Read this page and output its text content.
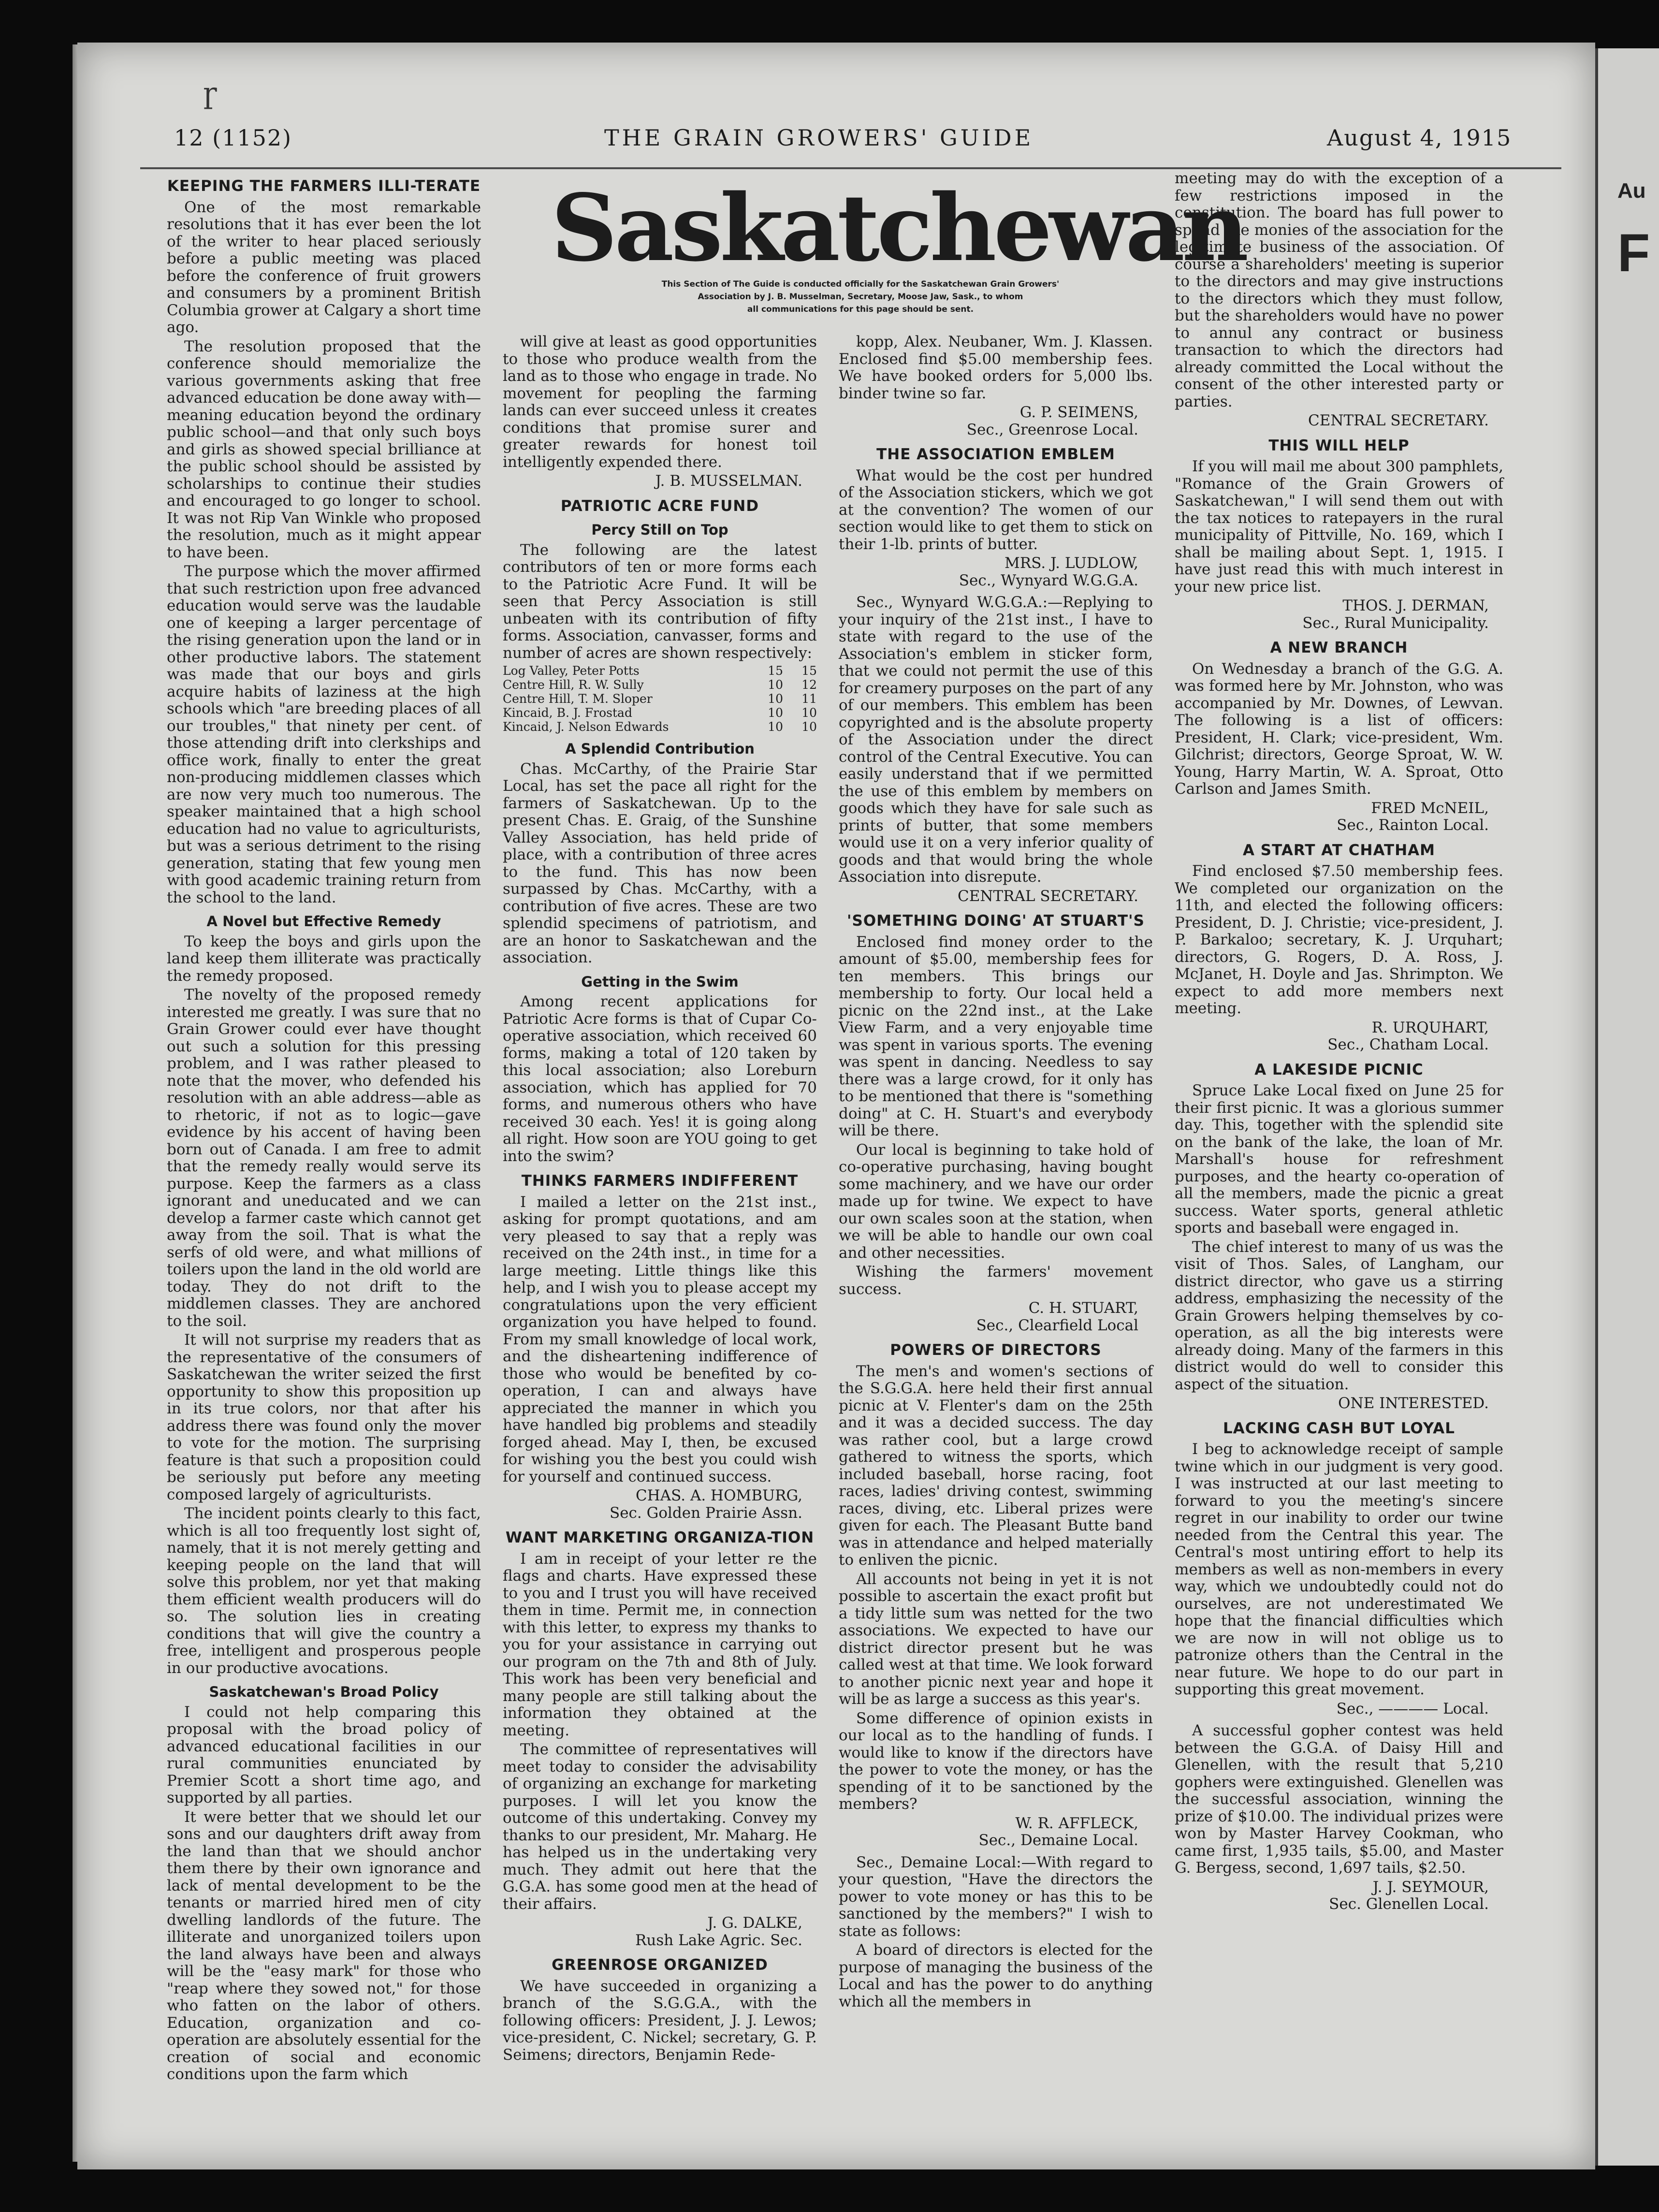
Au
F
ɼ
12 (1152)	THE GRAIN GROWERS' GUIDE	August 4, 1915
Saskatchewan
This Section of The Guide is conducted officially for the Saskatchewan Grain Growers'
Association by J. B. Musselman, Secretary, Moose Jaw, Sask., to whom
all communications for this page should be sent.
KEEPING THE FARMERS ILLI-TERATE

One of the most remarkable resolutions that it has ever been the lot of the writer to hear placed seriously before a public meeting was placed before the conference of fruit growers and consumers by a prominent British Columbia grower at Calgary a short time ago.

The resolution proposed that the conference should memorialize the various governments asking that free advanced education be done away with—meaning education beyond the ordinary public school—and that only such boys and girls as showed special brilliance at the public school should be assisted by scholarships to continue their studies and encouraged to go longer to school. It was not Rip Van Winkle who proposed the resolution, much as it might appear to have been.

The purpose which the mover affirmed that such restriction upon free advanced education would serve was the laudable one of keeping a larger percentage of the rising generation upon the land or in other productive labors. The statement was made that our boys and girls acquire habits of laziness at the high schools which "are breeding places of all our troubles," that ninety per cent. of those attending drift into clerkships and office work, finally to enter the great non-producing middlemen classes which are now very much too numerous. The speaker maintained that a high school education had no value to agriculturists, but was a serious detriment to the rising generation, stating that few young men with good academic training return from the school to the land.

A Novel but Effective Remedy

To keep the boys and girls upon the land keep them illiterate was practically the remedy proposed.

The novelty of the proposed remedy interested me greatly. I was sure that no Grain Grower could ever have thought out such a solution for this pressing problem, and I was rather pleased to note that the mover, who defended his resolution with an able address—able as to rhetoric, if not as to logic—gave evidence by his accent of having been born out of Canada. I am free to admit that the remedy really would serve its purpose. Keep the farmers as a class ignorant and uneducated and we can develop a farmer caste which cannot get away from the soil. That is what the serfs of old were, and what millions of toilers upon the land in the old world are today. They do not drift to the middlemen classes. They are anchored to the soil.

It will not surprise my readers that as the representative of the consumers of Saskatchewan the writer seized the first opportunity to show this proposition up in its true colors, nor that after his address there was found only the mover to vote for the motion. The surprising feature is that such a proposition could be seriously put before any meeting composed largely of agriculturists.

The incident points clearly to this fact, which is all too frequently lost sight of, namely, that it is not merely getting and keeping people on the land that will solve this problem, nor yet that making them efficient wealth producers will do so. The solution lies in creating conditions that will give the country a free, intelligent and prosperous people in our productive avocations.

Saskatchewan's Broad Policy

I could not help comparing this proposal with the broad policy of advanced educational facilities in our rural communities enunciated by Premier Scott a short time ago, and supported by all parties.

It were better that we should let our sons and our daughters drift away from the land than that we should anchor them there by their own ignorance and lack of mental development to be the tenants or married hired men of city dwelling landlords of the future. The illiterate and unorganized toilers upon the land always have been and always will be the "easy mark" for those who "reap where they sowed not," for those who fatten on the labor of others. Education, organization and co-operation are absolutely essential for the creation of social and economic conditions upon the farm which

will give at least as good opportunities to those who produce wealth from the land as to those who engage in trade. No movement for peopling the farming lands can ever succeed unless it creates conditions that promise surer and greater rewards for honest toil intelligently expended there.

J. B. MUSSELMAN.

PATRIOTIC ACRE FUND
Percy Still on Top

The following are the latest contributors of ten or more forms each to the Patriotic Acre Fund. It will be seen that Percy Association is still unbeaten with its contribution of fifty forms. Association, canvasser, forms and number of acres are shown respectively:

Log Valley, Peter Potts	15	15
Centre Hill, R. W. Sully	10	12
Centre Hill, T. M. Sloper	10	11
Kincaid, B. J. Frostad	10	10
Kincaid, J. Nelson Edwards	10	10
A Splendid Contribution

Chas. McCarthy, of the Prairie Star Local, has set the pace all right for the farmers of Saskatchewan. Up to the present Chas. E. Graig, of the Sunshine Valley Association, has held pride of place, with a contribution of three acres to the fund. This has now been surpassed by Chas. McCarthy, with a contribution of five acres. These are two splendid specimens of patriotism, and are an honor to Saskatchewan and the association.

Getting in the Swim

Among recent applications for Patriotic Acre forms is that of Cupar Co-operative association, which received 60 forms, making a total of 120 taken by this local association; also Loreburn association, which has applied for 70 forms, and numerous others who have received 30 each. Yes! it is going along all right. How soon are YOU going to get into the swim?

THINKS FARMERS INDIFFERENT

I mailed a letter on the 21st inst., asking for prompt quotations, and am very pleased to say that a reply was received on the 24th inst., in time for a large meeting. Little things like this help, and I wish you to please accept my congratulations upon the very efficient organization you have helped to found. From my small knowledge of local work, and the disheartening indifference of those who would be benefited by co-operation, I can and always have appreciated the manner in which you have handled big problems and steadily forged ahead. May I, then, be excused for wishing you the best you could wish for yourself and continued success.

CHAS. A. HOMBURG,

Sec. Golden Prairie Assn.

WANT MARKETING ORGANIZA-TION

I am in receipt of your letter re the flags and charts. Have expressed these to you and I trust you will have received them in time. Permit me, in connection with this letter, to express my thanks to you for your assistance in carrying out our program on the 7th and 8th of July. This work has been very beneficial and many people are still talking about the information they obtained at the meeting.

The committee of representatives will meet today to consider the advisability of organizing an exchange for marketing purposes. I will let you know the outcome of this undertaking. Convey my thanks to our president, Mr. Maharg. He has helped us in the undertaking very much. They admit out here that the G.G.A. has some good men at the head of their affairs.

J. G. DALKE,

Rush Lake Agric. Sec.

GREENROSE ORGANIZED

We have succeeded in organizing a branch of the S.G.G.A., with the following officers: President, J. J. Lewos; vice-president, C. Nickel; secretary, G. P. Seimens; directors, Benjamin Rede-

kopp, Alex. Neubaner, Wm. J. Klassen. Enclosed find $5.00 membership fees. We have booked orders for 5,000 lbs. binder twine so far.

G. P. SEIMENS,

Sec., Greenrose Local.

THE ASSOCIATION EMBLEM

What would be the cost per hundred of the Association stickers, which we got at the convention? The women of our section would like to get them to stick on their 1-lb. prints of butter.

MRS. J. LUDLOW,

Sec., Wynyard W.G.G.A.

Sec., Wynyard W.G.G.A.:—Replying to your inquiry of the 21st inst., I have to state with regard to the use of the Association's emblem in sticker form, that we could not permit the use of this for creamery purposes on the part of any of our members. This emblem has been copyrighted and is the absolute property of the Association under the direct control of the Central Executive. You can easily understand that if we permitted the use of this emblem by members on goods which they have for sale such as prints of butter, that some members would use it on a very inferior quality of goods and that would bring the whole Association into disrepute.

CENTRAL SECRETARY.

'SOMETHING DOING' AT STUART'S

Enclosed find money order to the amount of $5.00, membership fees for ten members. This brings our membership to forty. Our local held a picnic on the 22nd inst., at the Lake View Farm, and a very enjoyable time was spent in various sports. The evening was spent in dancing. Needless to say there was a large crowd, for it only has to be mentioned that there is "something doing" at C. H. Stuart's and everybody will be there.

Our local is beginning to take hold of co-operative purchasing, having bought some machinery, and we have our order made up for twine. We expect to have our own scales soon at the station, when we will be able to handle our own coal and other necessities.

Wishing the farmers' movement success.

C. H. STUART,

Sec., Clearfield Local

POWERS OF DIRECTORS

The men's and women's sections of the S.G.G.A. here held their first annual picnic at V. Flenter's dam on the 25th and it was a decided success. The day was rather cool, but a large crowd gathered to witness the sports, which included baseball, horse racing, foot races, ladies' driving contest, swimming races, diving, etc. Liberal prizes were given for each. The Pleasant Butte band was in attendance and helped materially to enliven the picnic.

All accounts not being in yet it is not possible to ascertain the exact profit but a tidy little sum was netted for the two associations. We expected to have our district director present but he was called west at that time. We look forward to another picnic next year and hope it will be as large a success as this year's.

Some difference of opinion exists in our local as to the handling of funds. I would like to know if the directors have the power to vote the money, or has the spending of it to be sanctioned by the members?

W. R. AFFLECK,

Sec., Demaine Local.

Sec., Demaine Local:—With regard to your question, "Have the directors the power to vote money or has this to be sanctioned by the members?" I wish to state as follows:

A board of directors is elected for the purpose of managing the business of the Local and has the power to do anything which all the members in

meeting may do with the exception of a few restrictions imposed in the constitution. The board has full power to spend the monies of the association for the legitimate business of the association. Of course a shareholders' meeting is superior to the directors and may give instructions to the directors which they must follow, but the shareholders would have no power to annul any contract or business transaction to which the directors had already committed the Local without the consent of the other interested party or parties.

CENTRAL SECRETARY.

THIS WILL HELP

If you will mail me about 300 pamphlets, "Romance of the Grain Growers of Saskatchewan," I will send them out with the tax notices to ratepayers in the rural municipality of Pittville, No. 169, which I shall be mailing about Sept. 1, 1915. I have just read this with much interest in your new price list.

THOS. J. DERMAN,

Sec., Rural Municipality.

A NEW BRANCH

On Wednesday a branch of the G.G. A. was formed here by Mr. Johnston, who was accompanied by Mr. Downes, of Lewvan. The following is a list of officers: President, H. Clark; vice-president, Wm. Gilchrist; directors, George Sproat, W. W. Young, Harry Martin, W. A. Sproat, Otto Carlson and James Smith.

FRED McNEIL,

Sec., Rainton Local.

A START AT CHATHAM

Find enclosed $7.50 membership fees. We completed our organization on the 11th, and elected the following officers: President, D. J. Christie; vice-president, J. P. Barkaloo; secretary, K. J. Urquhart; directors, G. Rogers, D. A. Ross, J. McJanet, H. Doyle and Jas. Shrimpton. We expect to add more members next meeting.

R. URQUHART,

Sec., Chatham Local.

A LAKESIDE PICNIC

Spruce Lake Local fixed on June 25 for their first picnic. It was a glorious summer day. This, together with the splendid site on the bank of the lake, the loan of Mr. Marshall's house for refreshment purposes, and the hearty co-operation of all the members, made the picnic a great success. Water sports, general athletic sports and baseball were engaged in.

The chief interest to many of us was the visit of Thos. Sales, of Langham, our district director, who gave us a stirring address, emphasizing the necessity of the Grain Growers helping themselves by co-operation, as all the big interests were already doing. Many of the farmers in this district would do well to consider this aspect of the situation.

ONE INTERESTED.

LACKING CASH BUT LOYAL

I beg to acknowledge receipt of sample twine which in our judgment is very good. I was instructed at our last meeting to forward to you the meeting's sincere regret in our inability to order our twine needed from the Central this year. The Central's most untiring effort to help its members as well as non-members in every way, which we undoubtedly could not do ourselves, are not underestimated We hope that the financial difficulties which we are now in will not oblige us to patronize others than the Central in the near future. We hope to do our part in supporting this great movement.

Sec., ———— Local.

A successful gopher contest was held between the G.G.A. of Daisy Hill and Glenellen, with the result that 5,210 gophers were extinguished. Glenellen was the successful association, winning the prize of $10.00. The individual prizes were won by Master Harvey Cookman, who came first, 1,935 tails, $5.00, and Master G. Bergess, second, 1,697 tails, $2.50.

J. J. SEYMOUR,

Sec. Glenellen Local.
